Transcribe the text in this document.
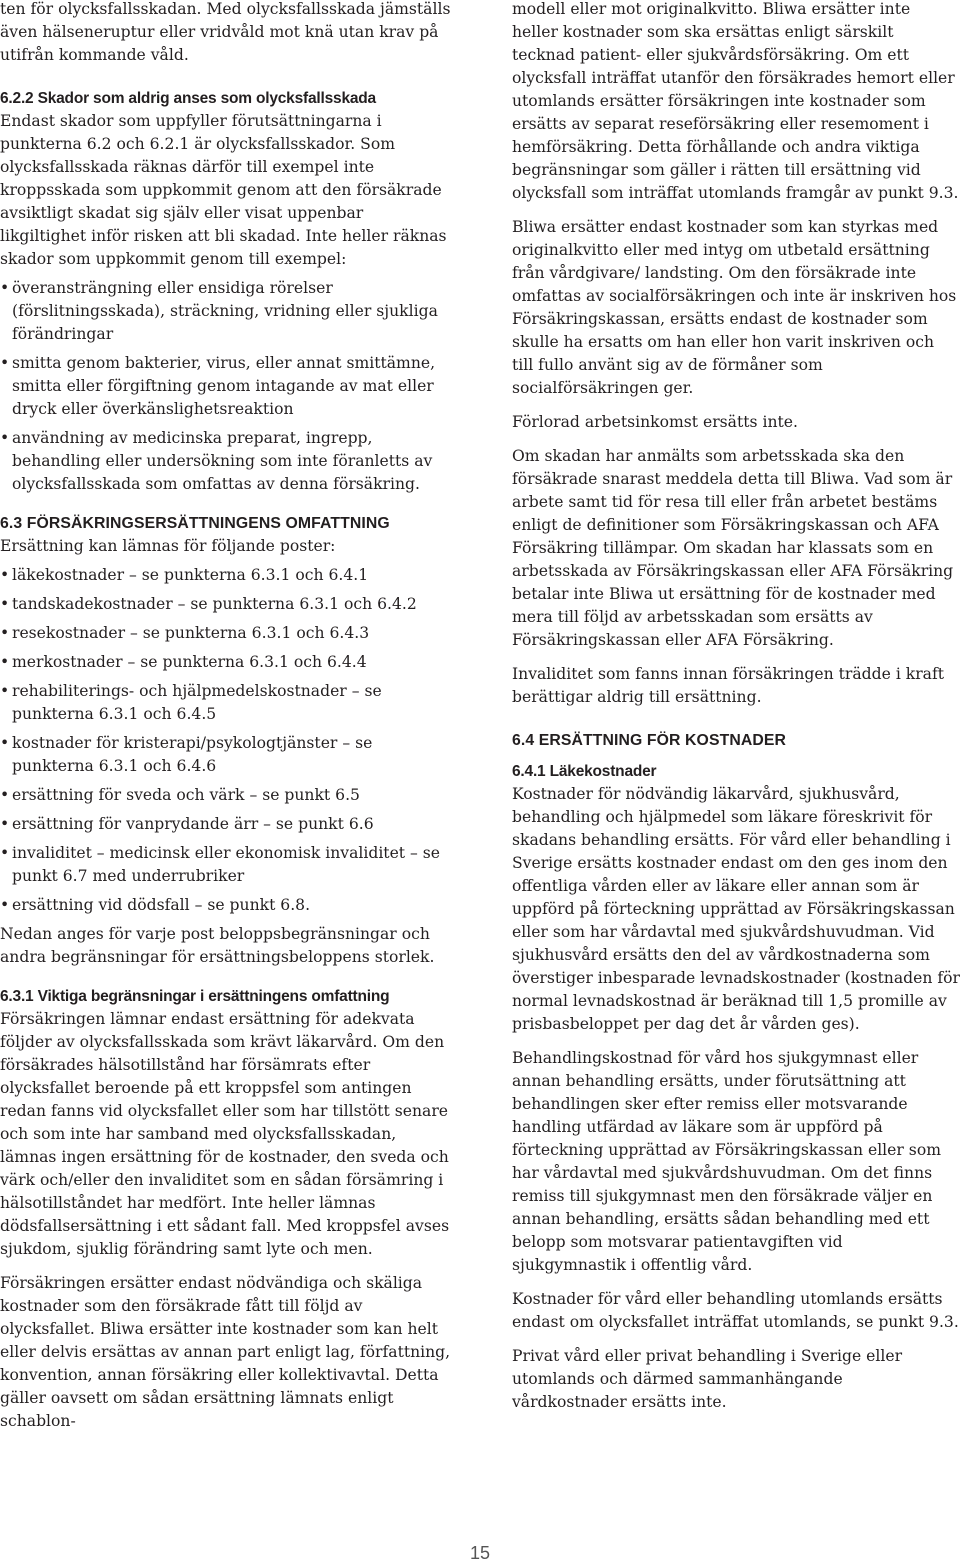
ten för olycksfallsskadan. Med olycksfallsskada jämställs även hälseneruptur eller vridvåld mot knä utan krav på utifrån kommande våld.

6.2.2 Skador som aldrig anses som olycksfallsskada

Endast skador som uppfyller förutsättningarna i punkterna 6.2 och 6.2.1 är olycksfallsskador. Som olycksfallsskada räknas därför till exempel inte kroppsskada som uppkommit genom att den försäkrade avsiktligt skadat sig själv eller visat uppenbar likgiltighet inför risken att bli skadad. Inte heller räknas skador som uppkommit genom till exempel:

• överansträngning eller ensidiga rörelser (förslitningsskada), sträckning, vridning eller sjukliga förändringar
• smitta genom bakterier, virus, eller annat smittämne, smitta eller förgiftning genom intagande av mat eller dryck eller överkänslighetsreaktion
• användning av medicinska preparat, ingrepp, behandling eller undersökning som inte föranletts av olycksfallsskada som omfattas av denna försäkring.

6.3 FÖRSÄKRINGSERSÄTTNINGENS OMFATTNING

Ersättning kan lämnas för följande poster:

• läkekostnader – se punkterna 6.3.1 och 6.4.1
• tandskadekostnader – se punkterna 6.3.1 och 6.4.2
• resekostnader – se punkterna 6.3.1 och 6.4.3
• merkostnader – se punkterna 6.3.1 och 6.4.4
• rehabiliterings- och hjälpmedelskostnader – se punkterna 6.3.1 och 6.4.5
• kostnader för kristerapi/psykologtjänster – se punkterna 6.3.1 och 6.4.6
• ersättning för sveda och värk – se punkt 6.5
• ersättning för vanprydande ärr – se punkt 6.6
• invaliditet – medicinsk eller ekonomisk invaliditet – se punkt 6.7 med underrubriker
• ersättning vid dödsfall – se punkt 6.8.

Nedan anges för varje post beloppsbegränsningar och andra begränsningar för ersättningsbeloppens storlek.

6.3.1 Viktiga begränsningar i ersättningens omfattning

Försäkringen lämnar endast ersättning för adekvata följder av olycksfallsskada som krävt läkarvård. Om den försäkrades hälsotillstånd har försämrats efter olycksfallet beroende på ett kroppsfel som antingen redan fanns vid olycksfallet eller som har tillstött senare och som inte har samband med olycksfallsskadan, lämnas ingen ersättning för de kostnader, den sveda och värk och/eller den invaliditet som en sådan försämring i hälsotillståndet har medfört. Inte heller lämnas dödsfallsersättning i ett sådant fall. Med kroppsfel avses sjukdom, sjuklig förändring samt lyte och men.

Försäkringen ersätter endast nödvändiga och skäliga kostnader som den försäkrade fått till följd av olycksfallet. Bliwa ersätter inte kostnader som kan helt eller delvis ersättas av annan part enligt lag, författning, konvention, annan försäkring eller kollektivavtal. Detta gäller oavsett om sådan ersättning lämnats enligt schablon-

modell eller mot originalkvitto. Bliwa ersätter inte heller kostnader som ska ersättas enligt särskilt tecknad patient- eller sjukvårdsförsäkring. Om ett olycksfall inträffat utanför den försäkrades hemort eller utomlands ersätter försäkringen inte kostnader som ersätts av separat reseförsäkring eller resemoment i hemförsäkring. Detta förhållande och andra viktiga begränsningar som gäller i rätten till ersättning vid olycksfall som inträffat utomlands framgår av punkt 9.3.

Bliwa ersätter endast kostnader som kan styrkas med originalkvitto eller med intyg om utbetald ersättning från vårdgivare/ landsting. Om den försäkrade inte omfattas av socialförsäkringen och inte är inskriven hos Försäkringskassan, ersätts endast de kostnader som skulle ha ersatts om han eller hon varit inskriven och till fullo använt sig av de förmåner som socialförsäkringen ger.

Förlorad arbetsinkomst ersätts inte.

Om skadan har anmälts som arbetsskada ska den försäkrade snarast meddela detta till Bliwa. Vad som är arbete samt tid för resa till eller från arbetet bestäms enligt de definitioner som Försäkringskassan och AFA Försäkring tillämpar. Om skadan har klassats som en arbetsskada av Försäkringskassan eller AFA Försäkring betalar inte Bliwa ut ersättning för de kostnader med mera till följd av arbetsskadan som ersätts av Försäkringskassan eller AFA Försäkring.

Invaliditet som fanns innan försäkringen trädde i kraft berättigar aldrig till ersättning.

6.4 ERSÄTTNING FÖR KOSTNADER

6.4.1 Läkekostnader

Kostnader för nödvändig läkarvård, sjukhusvård, behandling och hjälpmedel som läkare föreskrivit för skadans behandling ersätts. För vård eller behandling i Sverige ersätts kostnader endast om den ges inom den offentliga vården eller av läkare eller annan som är uppförd på förteckning upprättad av Försäkringskassan eller som har vårdavtal med sjukvårdshuvudman. Vid sjukhusvård ersätts den del av vårdkostnaderna som överstiger inbesparade levnadskostnader (kostnaden för normal levnadskostnad är beräknad till 1,5 promille av prisbasbeloppet per dag det år vården ges).

Behandlingskostnad för vård hos sjukgymnast eller annan behandling ersätts, under förutsättning att behandlingen sker efter remiss eller motsvarande handling utfärdad av läkare som är uppförd på förteckning upprättad av Försäkringskassan eller som har vårdavtal med sjukvårdshuvudman. Om det finns remiss till sjukgymnast men den försäkrade väljer en annan behandling, ersätts sådan behandling med ett belopp som motsvarar patientavgiften vid sjukgymnastik i offentlig vård.

Kostnader för vård eller behandling utomlands ersätts endast om olycksfallet inträffat utomlands, se punkt 9.3.

Privat vård eller privat behandling i Sverige eller utomlands och därmed sammanhängande vårdkostnader ersätts inte.

15
